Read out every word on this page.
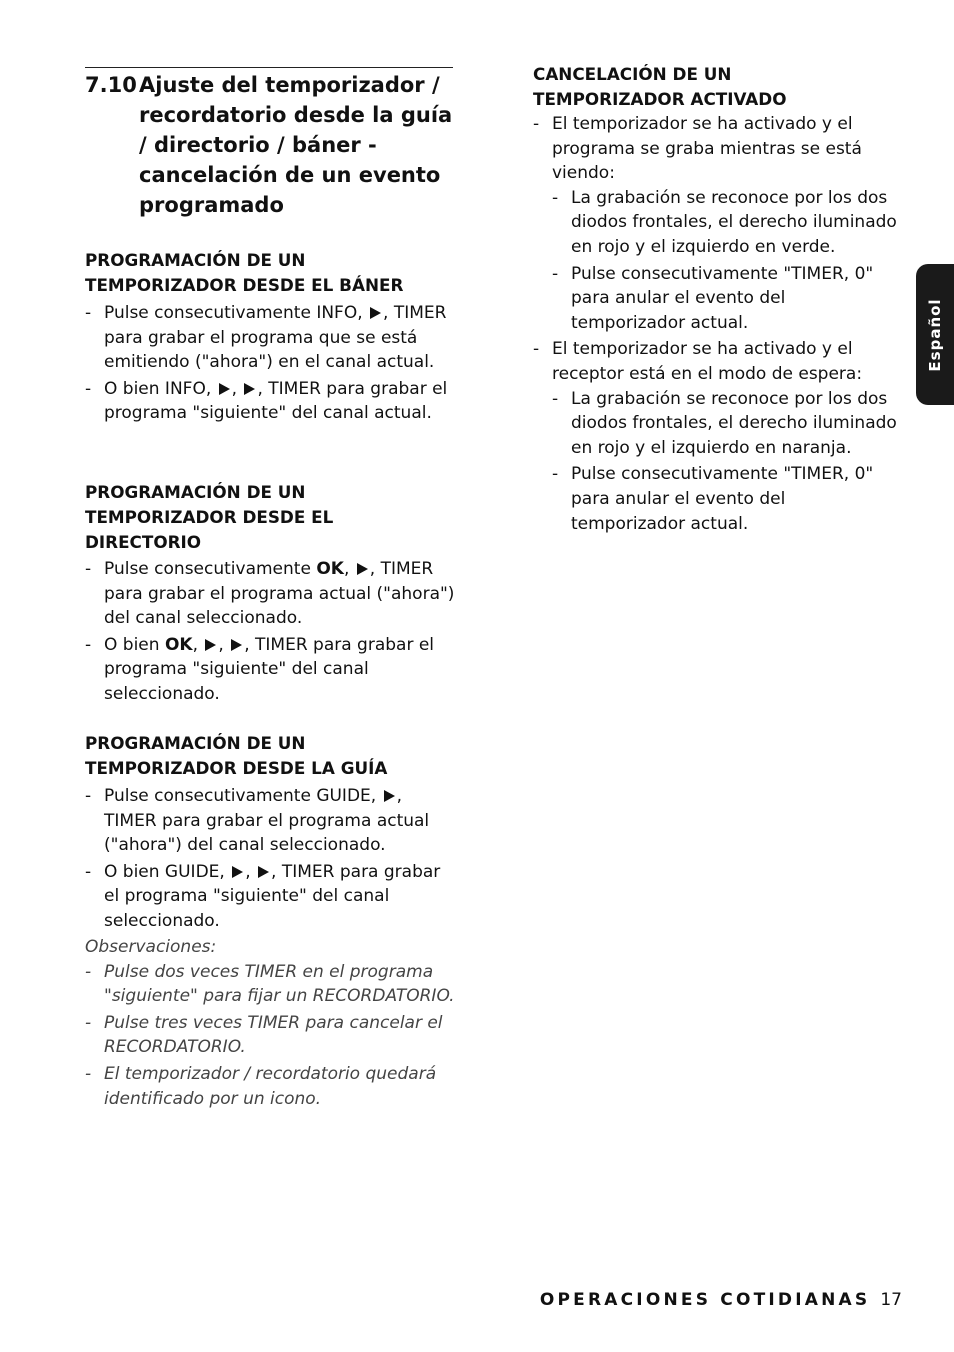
7.10 Ajuste del temporizador / recordatorio desde la guía / directorio / báner - cancelación de un evento programado
PROGRAMACIÓN DE UN
TEMPORIZADOR DESDE EL BÁNER
- Pulse consecutivamente INFO, , TIMER para grabar el programa que se está emitiendo ("ahora") en el canal actual.
- O bien INFO, , , TIMER para grabar el programa "siguiente" del canal actual.
PROGRAMACIÓN DE UN
TEMPORIZADOR DESDE EL
DIRECTORIO
- Pulse consecutivamente OK, , TIMER para grabar el programa actual ("ahora") del canal seleccionado.
- O bien OK, , , TIMER para grabar el programa "siguiente" del canal seleccionado.
PROGRAMACIÓN DE UN
TEMPORIZADOR DESDE LA GUÍA
- Pulse consecutivamente GUIDE, , TIMER para grabar el programa actual ("ahora") del canal seleccionado.
- O bien GUIDE, , , TIMER para grabar el programa "siguiente" del canal seleccionado.
Observaciones:
- Pulse dos veces TIMER en el programa "siguiente" para fijar un RECORDATORIO.
- Pulse tres veces TIMER para cancelar el RECORDATORIO.
- El temporizador / recordatorio quedará identificado por un icono.
CANCELACIÓN DE UN
TEMPORIZADOR ACTIVADO
- El temporizador se ha activado y el programa se graba mientras se está viendo:
- La grabación se reconoce por los dos diodos frontales, el derecho iluminado en rojo y el izquierdo en verde.
- Pulse consecutivamente "TIMER, 0" para anular el evento del temporizador actual.
- El temporizador se ha activado y el receptor está en el modo de espera:
- La grabación se reconoce por los dos diodos frontales, el derecho iluminado en rojo y el izquierdo en naranja.
- Pulse consecutivamente "TIMER, 0" para anular el evento del temporizador actual.
Español
OPERACIONES COTIDIANAS 17
